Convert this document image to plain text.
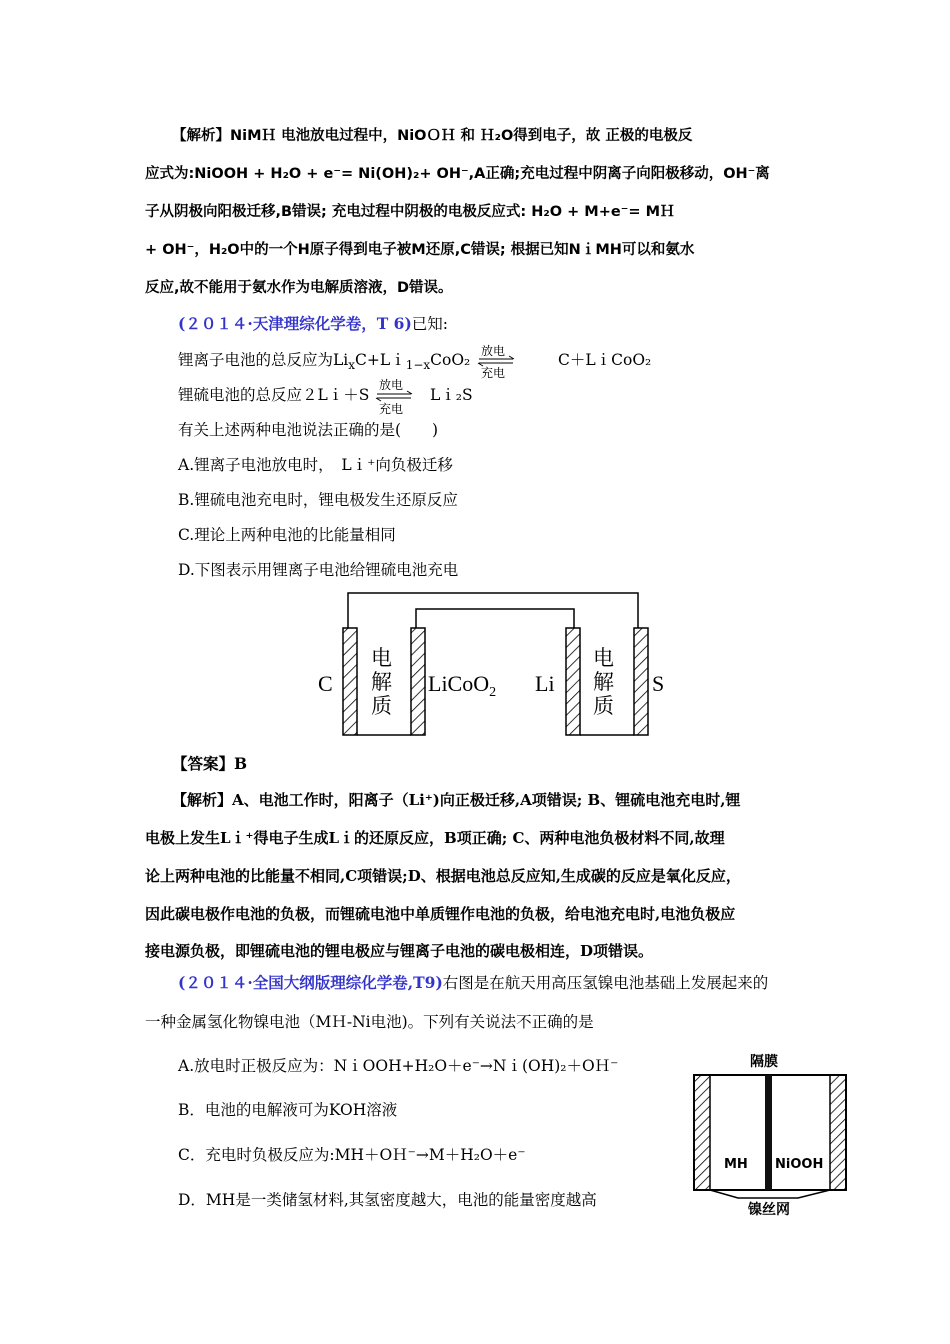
【解析】NiMＨ 电池放电过程中，NiOＯＨ 和 Ｈ₂O得到电子，故 正极的电极反
应式为:NiOOH + H₂O + e⁻= Ni(OH)₂+ OH⁻,A正确;充电过程中阴离子向阳极移动，OH⁻离
子从阴极向阳极迁移,B错误; 充电过程中阴极的电极反应式: H₂O + M+e⁻= MＨ
+ OH⁻，H₂O中的一个H原子得到电子被M还原,C错误; 根据已知NｉMH可以和氨水
反应,故不能用于氨水作为电解质溶液，D错误。
(２０１４·天津理综化学卷，T 6)已知:
锂离子电池的总反应为$Li_xC+Li_{1-x}CoO_2$ 放电
充电
C＋LｉCoO₂
锂硫电池的总反应２Lｉ＋S
放电
充电
Lｉ₂S
有关上述两种电池说法正确的是(　　)
A.锂离子电池放电时，　Lｉ⁺向负极迁移
B.锂硫电池充电时，锂电极发生还原反应
C.理论上两种电池的比能量相同
D.下图表示用锂离子电池给锂硫电池充电
C	LiCoO$_2$ Li	S
电
解
质
电
解
质
【答案】B
【解析】A、电池工作时，阳离子（Li⁺)向正极迁移,A项错误; B、锂硫电池充电时,锂
电极上发生Lｉ⁺得电子生成Lｉ的还原反应，B项正确; C、两种电池负极材料不同,故理
论上两种电池的比能量不相同,C项错误;D、根据电池总反应知,生成碳的反应是氧化反应，
因此碳电极作电池的负极，而锂硫电池中单质锂作电池的负极，给电池充电时,电池负极应
接电源负极，即锂硫电池的锂电极应与锂离子电池的碳电极相连，D项错误。
(２０１４·全国大纲版理综化学卷,T9)右图是在航天用高压氢镍电池基础上发展起来的
一种金属氢化物镍电池（MＨ-Ni电池)。下列有关说法不正确的是
A.放电时正极反应为：NｉOOH+H₂O＋e⁻→Nｉ(OH)₂＋OＨ⁻
B．电池的电解液可为KOH溶液
C．充电时负极反应为:MH＋OＨ⁻→M＋H₂O＋e⁻
D．MH是一类储氢材料,其氢密度越大，电池的能量密度越高
隔膜
MH NiOOH
镍丝网
